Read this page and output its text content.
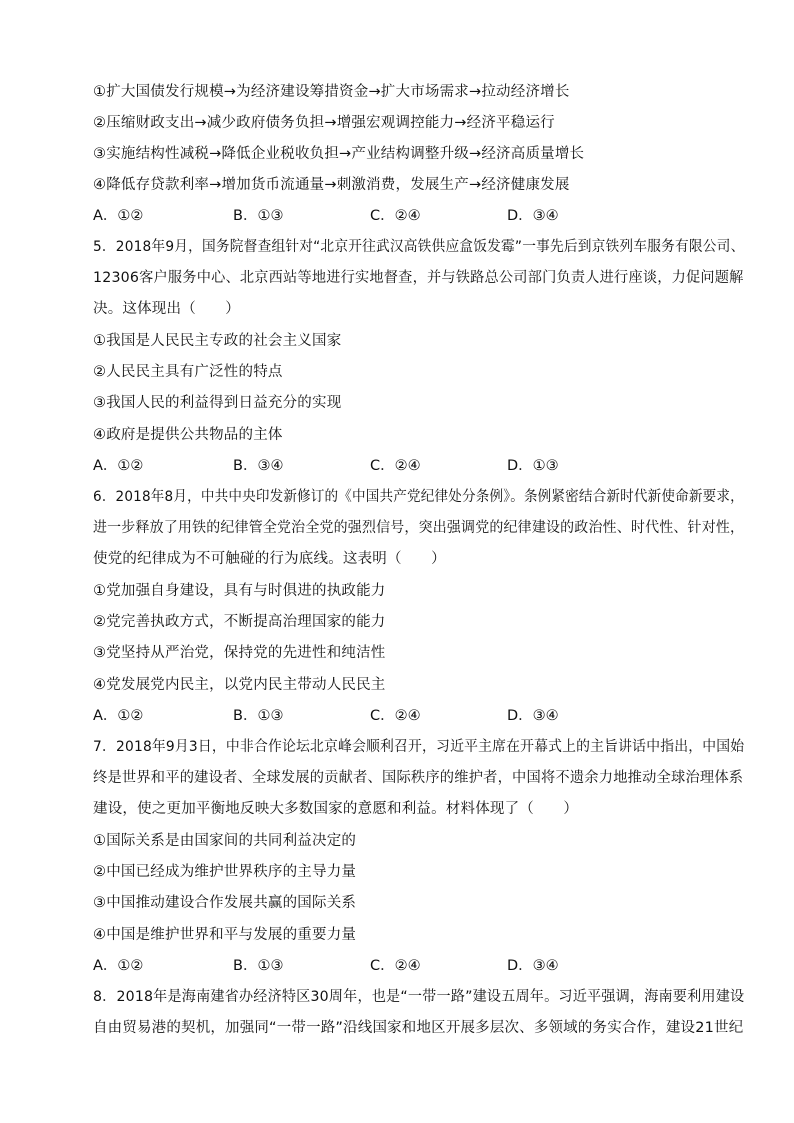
①扩大国债发行规模→为经济建设筹措资金→扩大市场需求→拉动经济增长
②压缩财政支出→减少政府债务负担→增强宏观调控能力→经济平稳运行
③实施结构性减税→降低企业税收负担→产业结构调整升级→经济高质量增长
④降低存贷款利率→增加货币流通量→刺激消费，发展生产→经济健康发展
A．①②	B．①③	C．②④	D．③④
5．2018年9月，国务院督查组针对“北京开往武汉高铁供应盒饭发霉”一事先后到京铁列车服务有限公司、
12306客户服务中心、北京西站等地进行实地督查，并与铁路总公司部门负责人进行座谈，力促问题解
决。这体现出（　　）
①我国是人民民主专政的社会主义国家
②人民民主具有广泛性的特点
③我国人民的利益得到日益充分的实现
④政府是提供公共物品的主体
A．①②	B．③④	C．②④	D．①③
6．2018年8月，中共中央印发新修订的《中国共产党纪律处分条例》。条例紧密结合新时代新使命新要求，
进一步释放了用铁的纪律管全党治全党的强烈信号，突出强调党的纪律建设的政治性、时代性、针对性，
使党的纪律成为不可触碰的行为底线。这表明（　　）
①党加强自身建设，具有与时俱进的执政能力
②党完善执政方式，不断提高治理国家的能力
③党坚持从严治党，保持党的先进性和纯洁性
④党发展党内民主，以党内民主带动人民民主
A．①②	B．①③	C．②④	D．③④
7．2018年9月3日，中非合作论坛北京峰会顺利召开，习近平主席在开幕式上的主旨讲话中指出，中国始
终是世界和平的建设者、全球发展的贡献者、国际秩序的维护者，中国将不遗余力地推动全球治理体系
建设，使之更加平衡地反映大多数国家的意愿和利益。材料体现了（　　）
①国际关系是由国家间的共同利益决定的
②中国已经成为维护世界秩序的主导力量
③中国推动建设合作发展共赢的国际关系
④中国是维护世界和平与发展的重要力量
A．①②	B．①③	C．②④	D．③④
8．2018年是海南建省办经济特区30周年，也是“一带一路”建设五周年。习近平强调，海南要利用建设
自由贸易港的契机，加强同“一带一路”沿线国家和地区开展多层次、多领域的务实合作，建设21世纪
